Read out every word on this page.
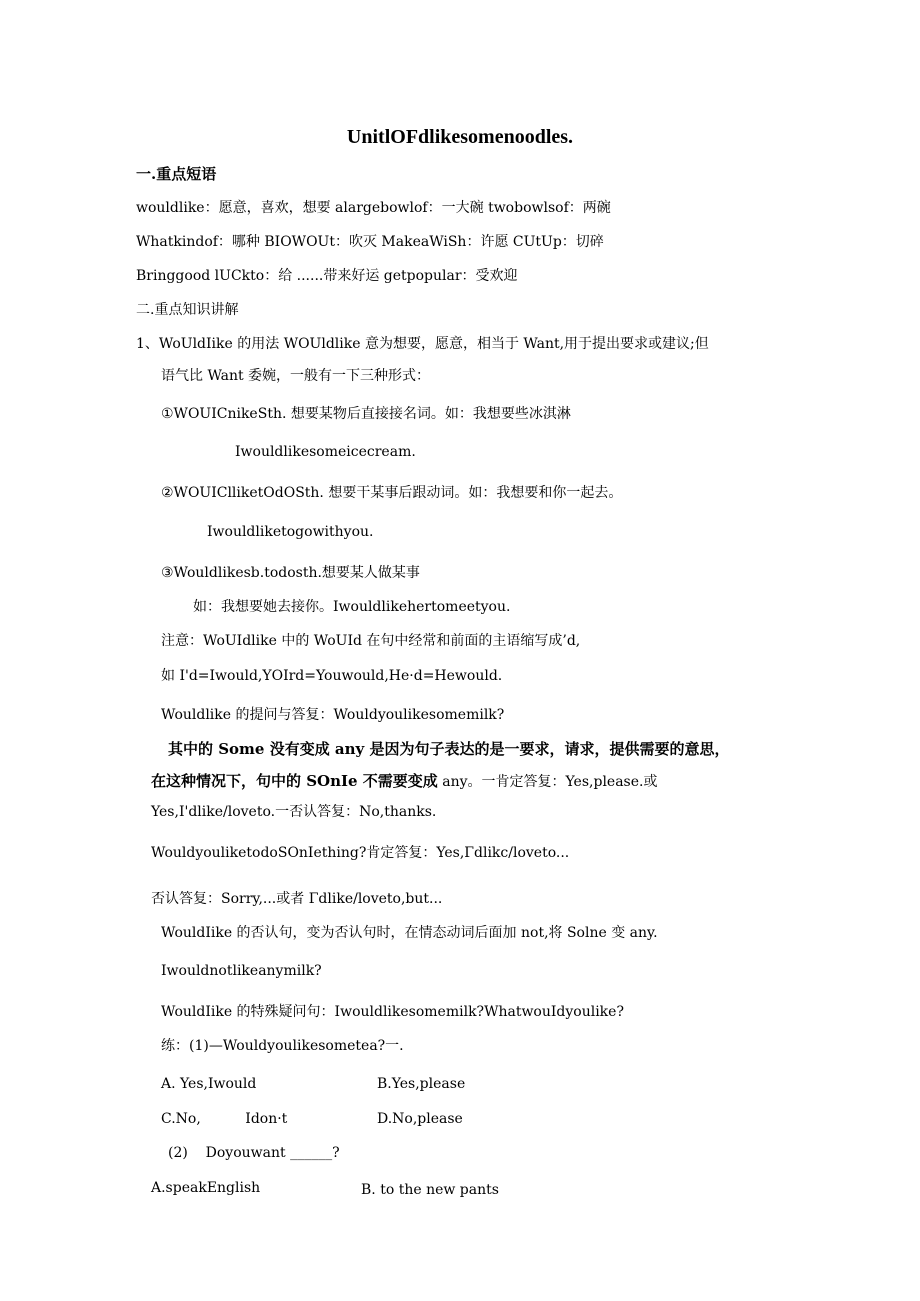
UnitlOFdlikesomenoodles.
一.重点短语
wouldlike：愿意，喜欢，想要 alargebowlof：一大碗 twobowlsof：两碗
Whatkindof：哪种 BIOWOUt：吹灭 MakeaWiSh：许愿 CUtUp：切碎
Bringgood lUCkto：给 ......带来好运 getpopular：受欢迎
二.重点知识讲解
1、WoUldIike 的用法 WOUldlike 意为想要，愿意，相当于 Want,用于提出要求或建议;但
语气比 Want 委婉，一般有一下三种形式：
①WOUICnikeSth. 想要某物后直接接名词。如：我想要些冰淇淋
Iwouldlikesomeicecream.
②WOUIClliketOdOSth. 想要干某事后跟动词。如：我想要和你一起去。
Iwouldliketogowithyou.
③Wouldlikesb.todosth.想要某人做某事
如：我想要她去接你。Iwouldlikehertomeetyou.
注意：WoUIdlike 中的 WoUId 在句中经常和前面的主语缩写成’d,
如 I'd=Iwould,YOIrd=Youwould,He·d=Hewould.
Wouldlike 的提问与答复：Wouldyoulikesomemilk?
其中的 Some 没有变成 any 是因为句子表达的是一要求，请求，提供需要的意思，
在这种情况下，句中的 SOnIe 不需要变成 any。一肯定答复：Yes,please.或
Yes,I'dlike/loveto.一否认答复：No,thanks.
WouldyouliketodoSOnIething?肯定答复：Yes,Γdlikc/loveto...
否认答复：Sorry,...或者 Γdlike/loveto,but...
WouldIike 的否认句，变为否认句时，在情态动词后面加 not,将 Solne 变 any.
Iwouldnotlikeanymilk?
WouldIike 的特殊疑问句：Iwouldlikesomemilk?WhatwouIdyoulike?
练：(1)—Wouldyoulikesometea?一.
A. Yes,Iwould	B.Yes,please
C.No,          Idon·t	D.No,please
(2)    Doyouwant ______?
A.speakEnglish	B. to the new pants
